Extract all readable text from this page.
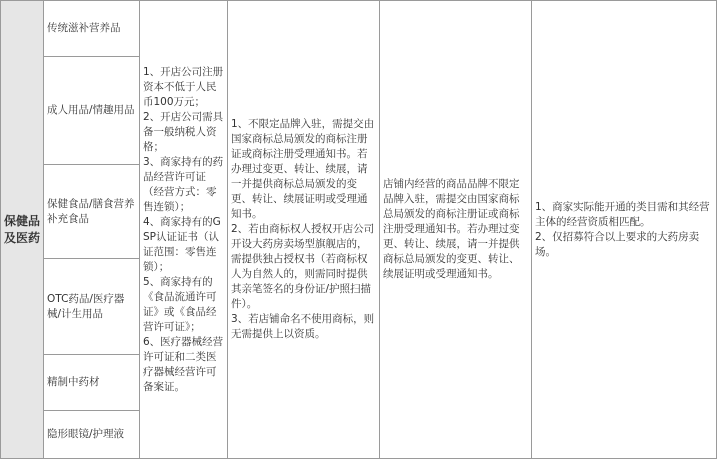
保健品及医药	传统滋补营养品	
1、开店公司注册资本不低于人民币100万元；
2、开店公司需具备一般纳税人资格；
3、商家持有的药品经营许可证（经营方式：零售连锁）；
4、商家持有的GSP认证证书（认证范围：零售连锁）；
5、商家持有的《食品流通许可证》或《食品经营许可证》；
6、医疗器械经营许可证和二类医疗器械经营许可备案证。

1、不限定品牌入驻，需提交由国家商标总局颁发的商标注册证或商标注册受理通知书。若办理过变更、转让、续展，请一并提供商标总局颁发的变更、转让、续展证明或受理通知书。
2、若由商标权人授权开店公司开设大药房卖场型旗舰店的，需提供独占授权书（若商标权人为自然人的，则需同时提供其亲笔签名的身份证/护照扫描件）。
3、若店铺命名不使用商标，则无需提供上以资质。

店铺内经营的商品品牌不限定品牌入驻，需提交由国家商标总局颁发的商标注册证或商标注册受理通知书。若办理过变更、转让、续展，请一并提供商标总局颁发的变更、转让、续展证明或受理通知书。

1、商家实际能开通的类目需和其经营主体的经营资质相匹配。
2、仅招募符合以上要求的大药房卖场。

成人用品/情趣用品
保健食品/膳食营养补充食品
OTC药品/医疗器械/计生用品
精制中药材
隐形眼镜/护理液
